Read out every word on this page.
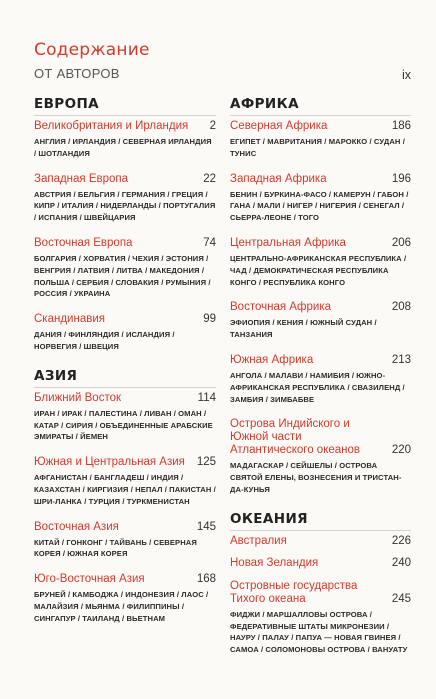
Содержание
ОТ АВТОРОВ	ix
ЕВРОПА
Великобритания и Ирландия 2
АНГЛИЯ / ИРЛАНДИЯ / СЕВЕРНАЯ ИРЛАНДИЯ / ШОТЛАНДИЯ
Западная Европа	22
АВСТРИЯ / БЕЛЬГИЯ / ГЕРМАНИЯ / ГРЕЦИЯ / КИПР / ИТАЛИЯ / НИДЕРЛАНДЫ / ПОРТУГАЛИЯ / ИСПАНИЯ / ШВЕЙЦАРИЯ
Восточная Европа	74
БОЛГАРИЯ / ХОРВАТИЯ / ЧЕХИЯ / ЭСТОНИЯ / ВЕНГРИЯ / ЛАТВИЯ / ЛИТВА / МАКЕДОНИЯ / ПОЛЬША / СЕРБИЯ / СЛОВАКИЯ / РУМЫНИЯ / РОССИЯ / УКРАИНА
Скандинавия	99
ДАНИЯ / ФИНЛЯНДИЯ / ИСЛАНДИЯ / НОРВЕГИЯ / ШВЕЦИЯ
АЗИЯ
Ближний Восток	114
ИРАН / ИРАК / ПАЛЕСТИНА / ЛИВАН / ОМАН / КАТАР / СИРИЯ / ОБЪЕДИНЕННЫЕ АРАБСКИЕ ЭМИРАТЫ / ЙЕМЕН
Южная и Центральная Азия 125
АФГАНИСТАН / БАНГЛАДЕШ / ИНДИЯ / КАЗАХСТАН / КИРГИЗИЯ / НЕПАЛ / ПАКИСТАН / ШРИ-ЛАНКА / ТУРЦИЯ / ТУРКМЕНИСТАН
Восточная Азия	145
КИТАЙ / ГОНКОНГ / ТАЙВАНЬ / СЕВЕРНАЯ КОРЕЯ / ЮЖНАЯ КОРЕЯ
Юго-Восточная Азия	168
БРУНЕЙ / КАМБОДЖА / ИНДОНЕЗИЯ / ЛАОС / МАЛАЙЗИЯ / МЬЯНМА / ФИЛИППИНЫ / СИНГАПУР / ТАИЛАНД / ВЬЕТНАМ
АФРИКА
Северная Африка	186
ЕГИПЕТ / МАВРИТАНИЯ / МАРОККО / СУДАН / ТУНИС
Западная Африка	196
БЕНИН / БУРКИНА-ФАСО / КАМЕРУН / ГАБОН / ГАНА / МАЛИ / НИГЕР / НИГЕРИЯ / СЕНЕГАЛ / СЬЕРРА-ЛЕОНЕ / ТОГО
Центральная Африка	206
ЦЕНТРАЛЬНО-АФРИКАНСКАЯ РЕСПУБЛИКА / ЧАД / ДЕМОКРАТИЧЕСКАЯ РЕСПУБЛИКА КОНГО / РЕСПУБЛИКА КОНГО
Восточная Африка	208
ЭФИОПИЯ / КЕНИЯ / ЮЖНЫЙ СУДАН / ТАНЗАНИЯ
Южная Африка	213
АНГОЛА / МАЛАВИ / НАМИБИЯ / ЮЖНО-АФРИКАНСКАЯ РЕСПУБЛИКА / СВАЗИЛЕНД / ЗАМБИЯ / ЗИМБАБВЕ
Острова Индийского и Южной части Атлантического океанов	220
МАДАГАСКАР / СЕЙШЕЛЫ / ОСТРОВА СВЯТОЙ ЕЛЕНЫ, ВОЗНЕСЕНИЯ И ТРИСТАН-ДА-КУНЬЯ
ОКЕАНИЯ
Австралия	226
Новая Зеландия	240
Островные государства Тихого океана	245
ФИДЖИ / МАРШАЛЛОВЫ ОСТРОВА / ФЕДЕРАТИВНЫЕ ШТАТЫ МИКРОНЕЗИИ / НАУРУ / ПАЛАУ / ПАПУА — НОВАЯ ГВИНЕЯ / САМОА / СОЛОМОНОВЫ ОСТРОВА / ВАНУАТУ
